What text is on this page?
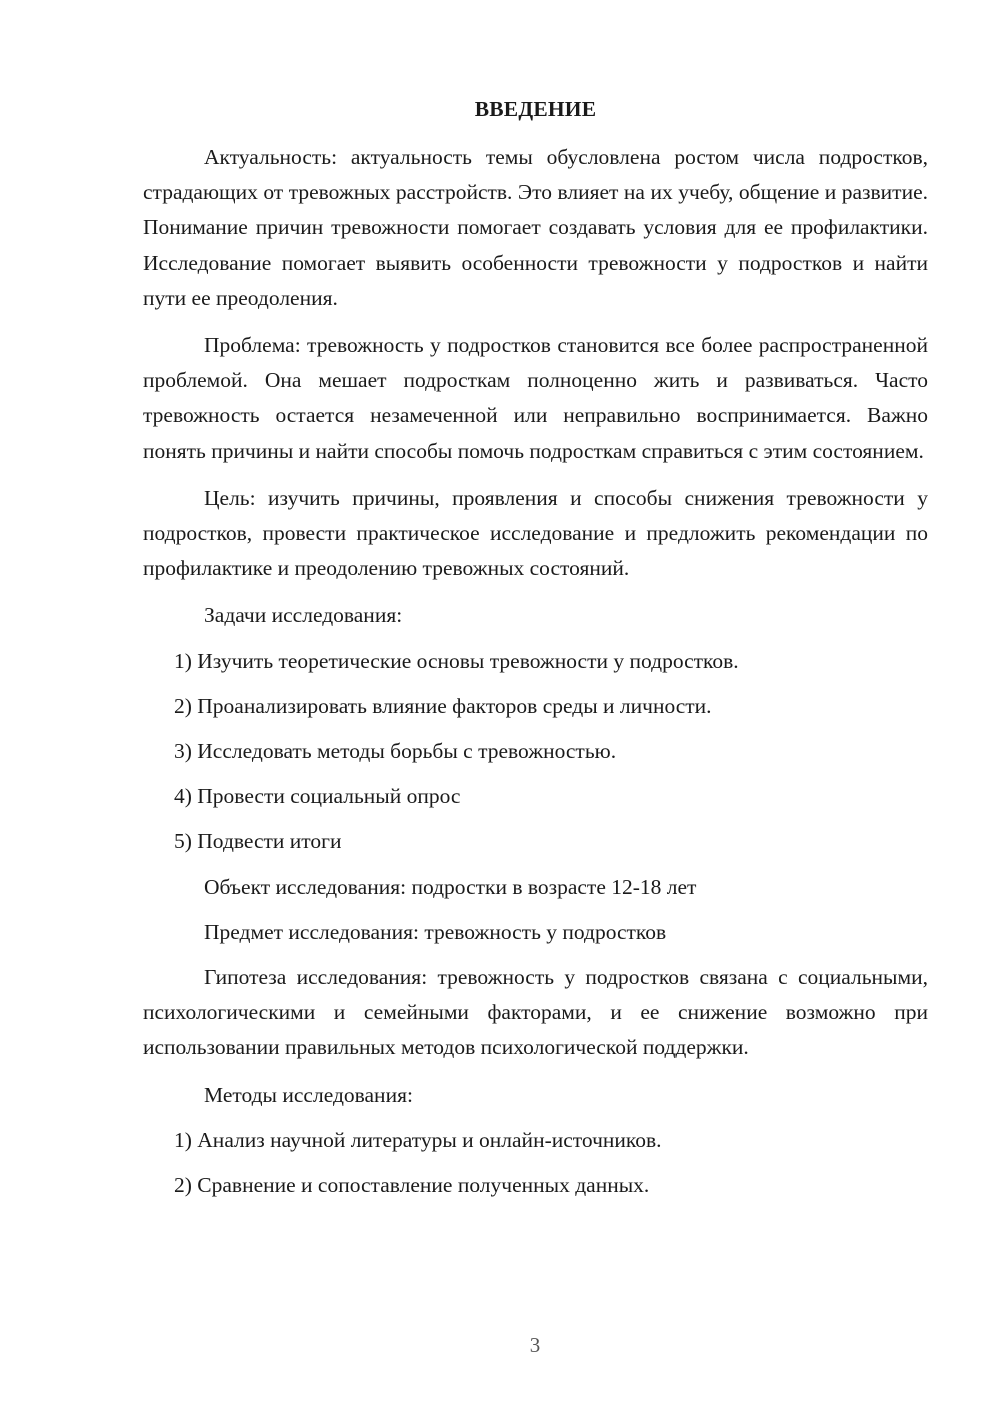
ВВЕДЕНИЕ

Актуальность: актуальность темы обусловлена ростом числа подростков, страдающих от тревожных расстройств. Это влияет на их учебу, общение и развитие. Понимание причин тревожности помогает создавать условия для ее профилактики. Исследование помогает выявить особенности тревожности у подростков и найти пути ее преодоления.

Проблема: тревожность у подростков становится все более распространенной проблемой. Она мешает подросткам полноценно жить и развиваться. Часто тревожность остается незамеченной или неправильно воспринимается. Важно понять причины и найти способы помочь подросткам справиться с этим состоянием.

Цель: изучить причины, проявления и способы снижения тревожности у подростков, провести практическое исследование и предложить рекомендации по профилактике и преодолению тревожных состояний.

Задачи исследования:
1) Изучить теоретические основы тревожности у подростков.
2) Проанализировать влияние факторов среды и личности.
3) Исследовать методы борьбы с тревожностью.
4) Провести социальный опрос
5) Подвести итоги
Объект исследования: подростки в возрасте 12-18 лет
Предмет исследования: тревожность у подростков

Гипотеза исследования: тревожность у подростков связана с социальными, психологическими и семейными факторами, и ее снижение возможно при использовании правильных методов психологической поддержки.

Методы исследования:
1) Анализ научной литературы и онлайн-источников.
2) Сравнение и сопоставление полученных данных.
3
